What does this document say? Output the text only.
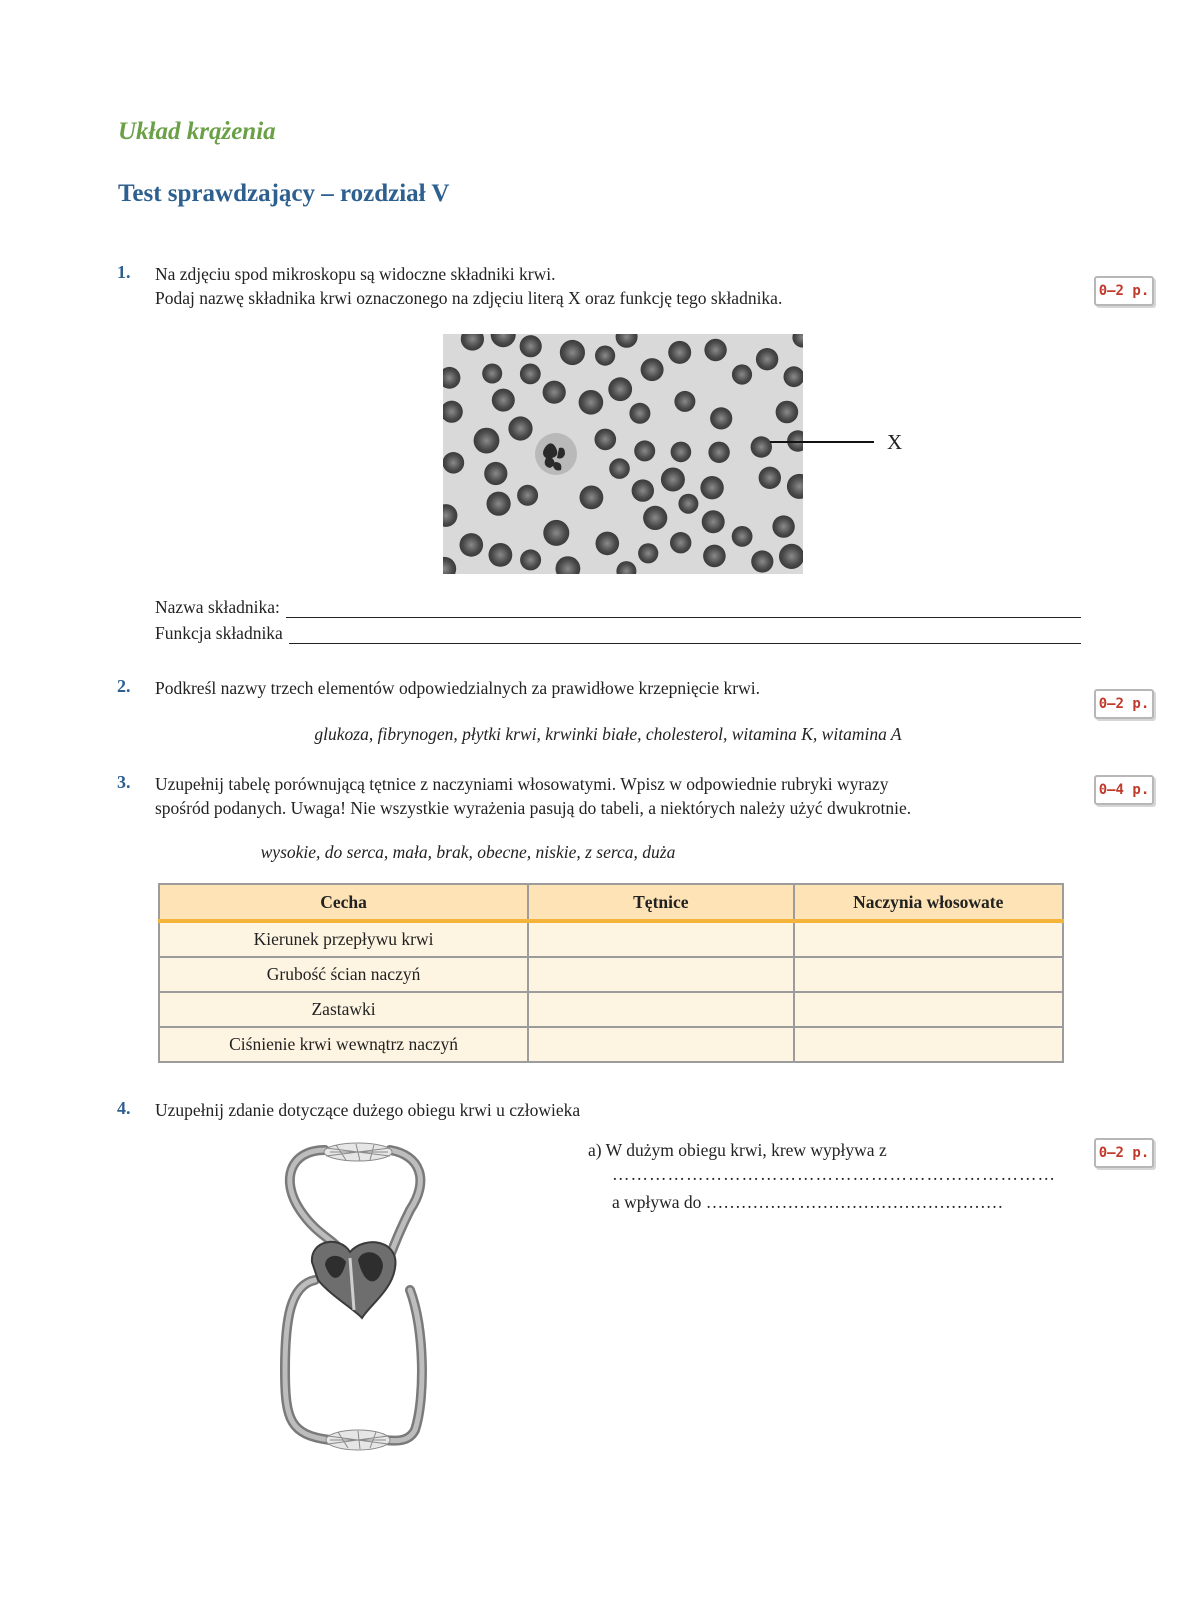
Układ krążenia
Test sprawdzający – rozdział V
1. Na zdjęciu spod mikroskopu są widoczne składniki krwi.
Podaj nazwę składnika krwi oznaczonego na zdjęciu literą X oraz funkcję tego składnika.	0–2 p.
X
Nazwa składnika:
Funkcja składnika
2. Podkreśl nazwy trzech elementów odpowiedzialnych za prawidłowe krzepnięcie krwi.
0–2 p.
glukoza, fibrynogen, płytki krwi, krwinki białe, cholesterol, witamina K, witamina A
3. Uzupełnij tabelę porównującą tętnice z naczyniami włosowatymi. Wpisz w odpowiednie rubryki wyrazy
spośród podanych. Uwaga! Nie wszystkie wyrażenia pasują do tabeli, a niektórych należy użyć dwukrotnie.
0–4 p.
wysokie, do serca, mała, brak, obecne, niskie, z serca, duża
Cecha	Tętnice	Naczynia włosowate
Kierunek przepływu krwi		
Grubość ścian naczyń		
Zastawki		
Ciśnienie krwi wewnątrz naczyń		
4. Uzupełnij zdanie dotyczące dużego obiegu krwi u człowieka
0–2 p.
a) W dużym obiegu krwi, krew wypływa z
………………………………………………………………
a wpływa do ……………………………………………
